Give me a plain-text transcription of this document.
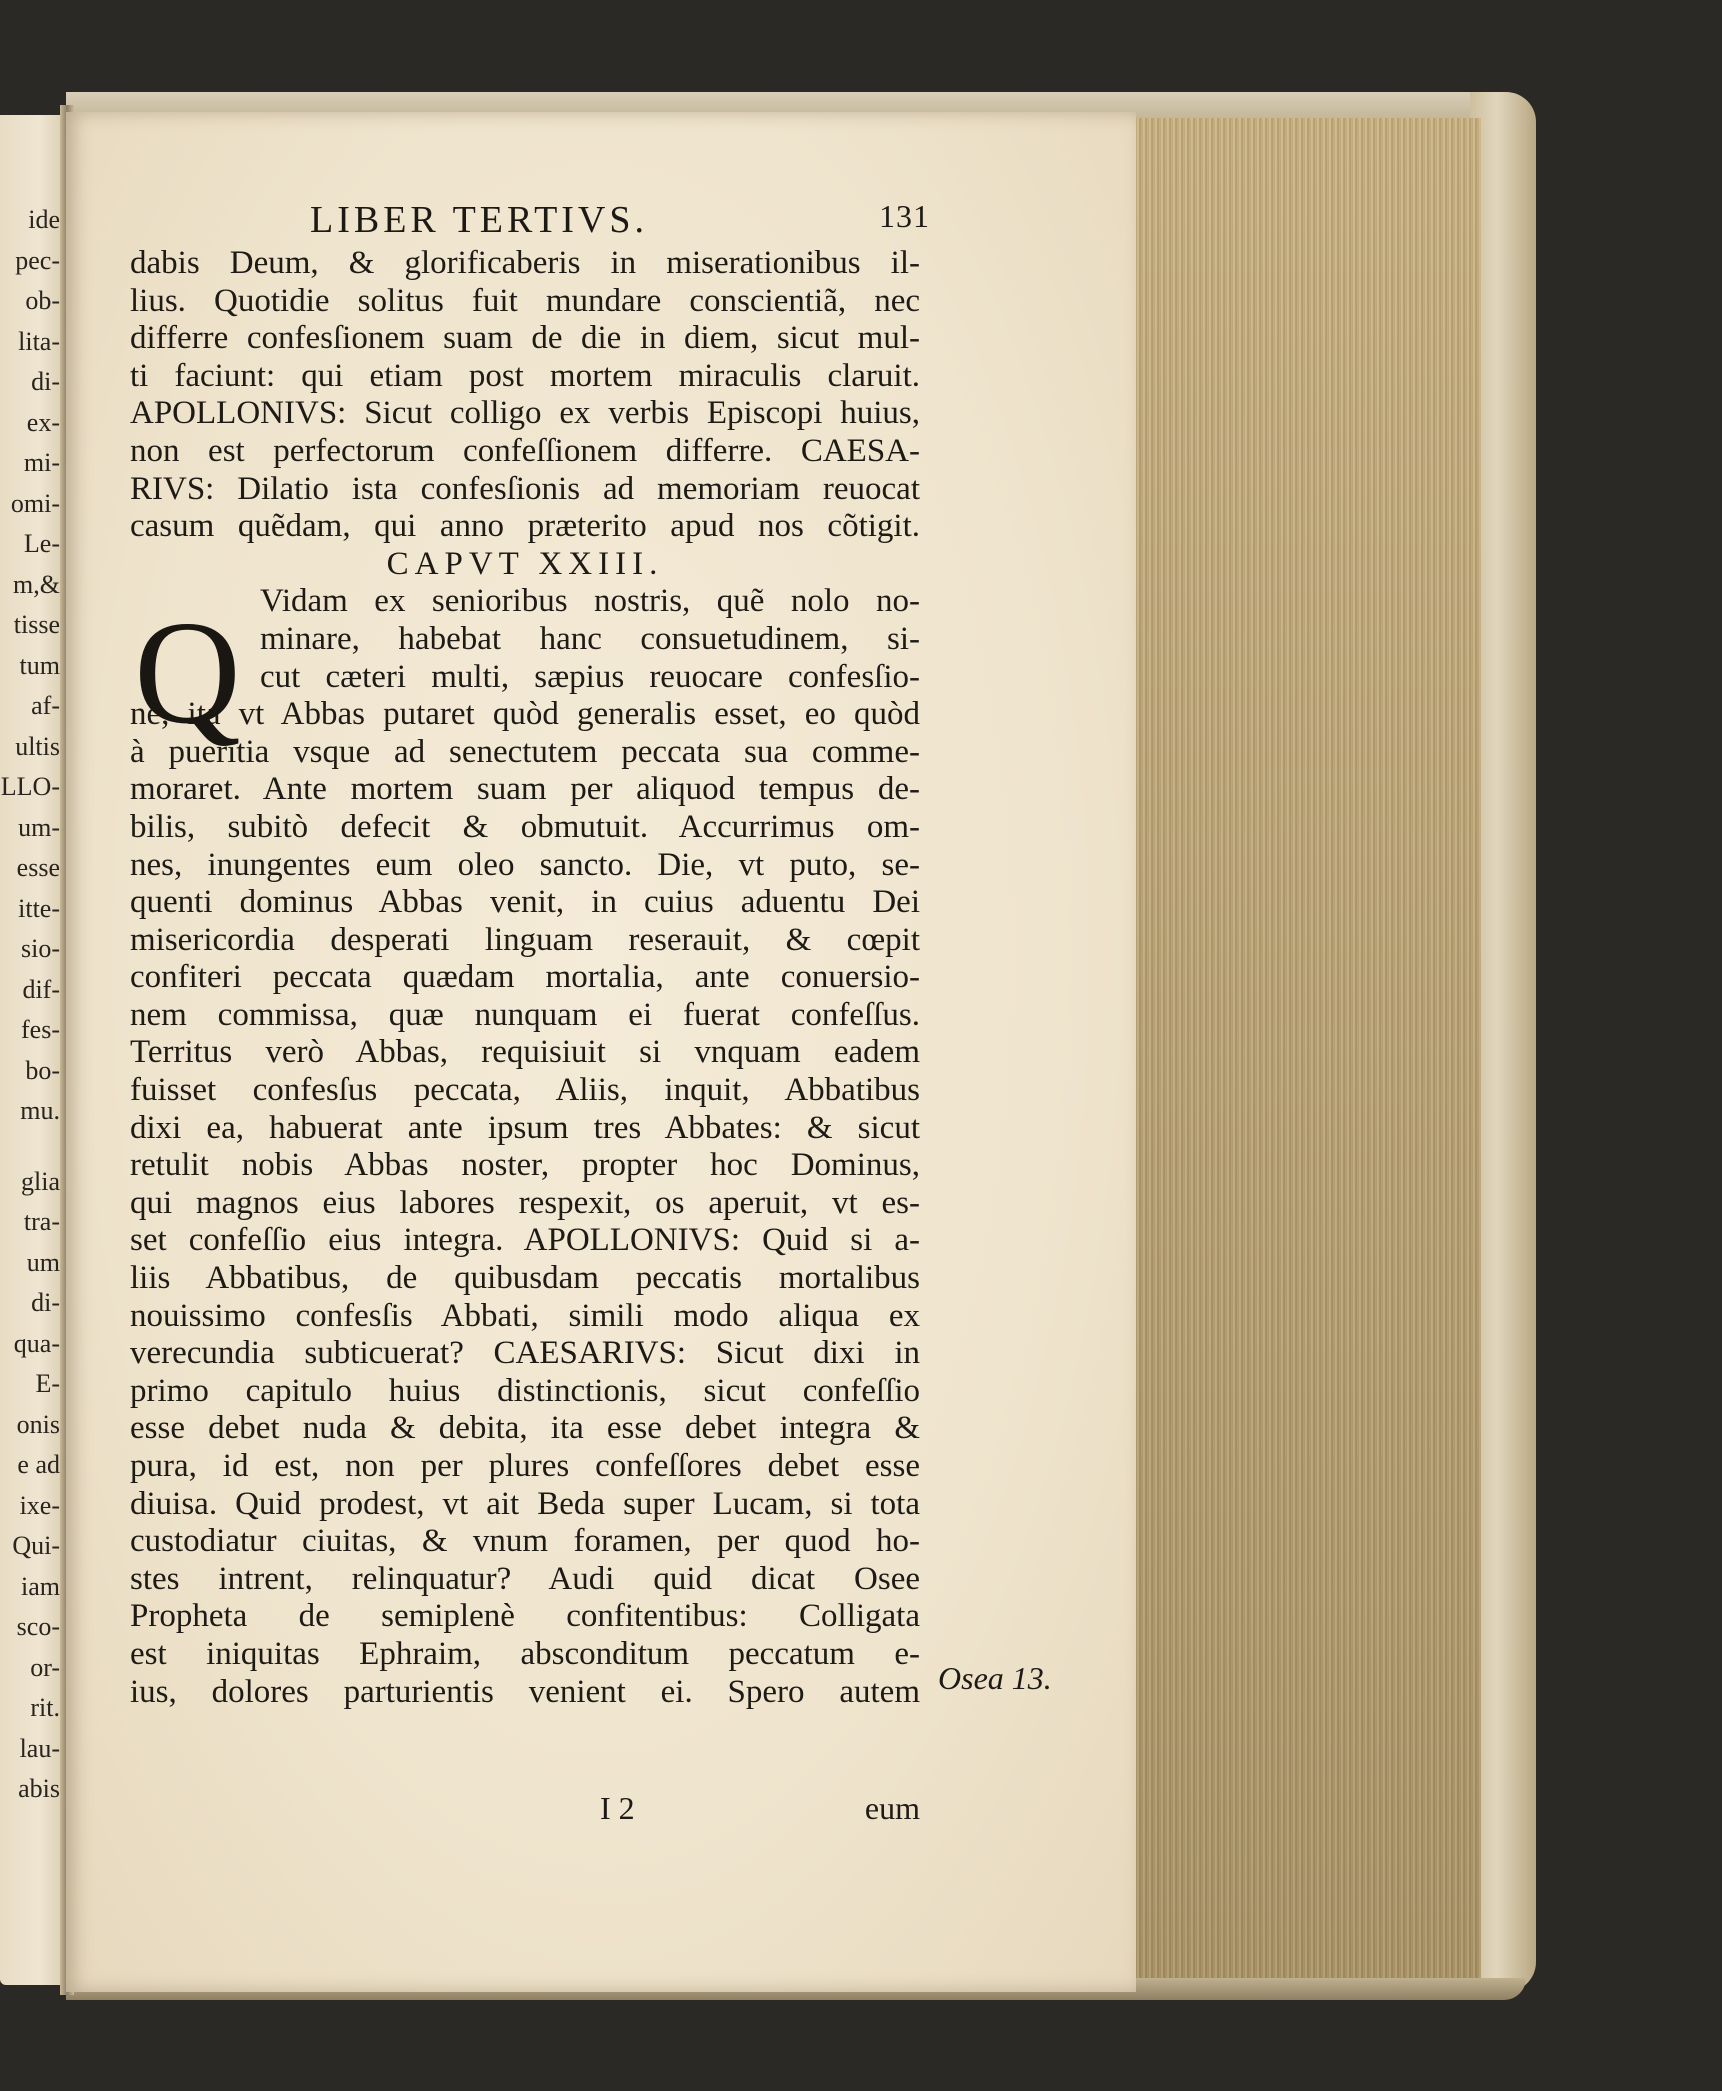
ide
pec-
ob-
lita-
di-
ex-
mi-
omi-
Le-
m,&
tisse
tum
af-
ultis
LLO-
um-
esse
itte-
sio-
dif-
fes-
bo-
mu.
glia
tra-
um
di-
qua-
E-
onis
e ad
ixe-
Qui-
iam
sco-
or-
rit.
lau-
abis
LIBER TERTIVS.	131
dabis Deum, & glorificaberis in miserationibus il-
lius. Quotidie solitus fuit mundare conscientiã, nec
differre confesſionem suam de die in diem, sicut mul-
ti faciunt: qui etiam post mortem miraculis claruit.
APOLLONIVS: Sicut colligo ex verbis Episcopi huius,
non est perfectorum confeſſionem differre. CAESA-
RIVS: Dilatio ista confesſionis ad memoriam reuocat
casum quẽdam, qui anno præterito apud nos cõtigit.
CAPVT XXIII.
Vidam ex senioribus nostris, quẽ nolo no-
minare, habebat hanc consuetudinem, si-
cut cæteri multi, sæpius reuocare confesſio-
nẽ, ita vt Abbas putaret quòd generalis esset, eo quòd
à pueritia vsque ad senectutem peccata sua comme-
moraret. Ante mortem suam per aliquod tempus de-
bilis, subitò defecit & obmutuit. Accurrimus om-
nes, inungentes eum oleo sancto. Die, vt puto, se-
quenti dominus Abbas venit, in cuius aduentu Dei
misericordia desperati linguam reserauit, & cœpit
confiteri peccata quædam mortalia, ante conuersio-
nem commissa, quæ nunquam ei fuerat confeſſus.
Territus verò Abbas, requisiuit si vnquam eadem
fuisset confesſus peccata, Aliis, inquit, Abbatibus
dixi ea, habuerat ante ipsum tres Abbates: & sicut
retulit nobis Abbas noster, propter hoc Dominus,
qui magnos eius labores respexit, os aperuit, vt es-
set confeſſio eius integra. APOLLONIVS: Quid si a-
liis Abbatibus, de quibusdam peccatis mortalibus
nouissimo confesſis Abbati, simili modo aliqua ex
verecundia subticuerat? CAESARIVS: Sicut dixi in
primo capitulo huius distinctionis, sicut confeſſio
esse debet nuda & debita, ita esse debet integra &
pura, id est, non per plures confeſſores debet esse
diuisa. Quid prodest, vt ait Beda super Lucam, si tota
custodiatur ciuitas, & vnum foramen, per quod ho-
stes intrent, relinquatur? Audi quid dicat Osee
Propheta de semiplenè confitentibus: Colligata
est iniquitas Ephraim, absconditum peccatum e-
ius, dolores parturientis venient ei. Spero autem
Q
I 2	eum
Osea 13.
